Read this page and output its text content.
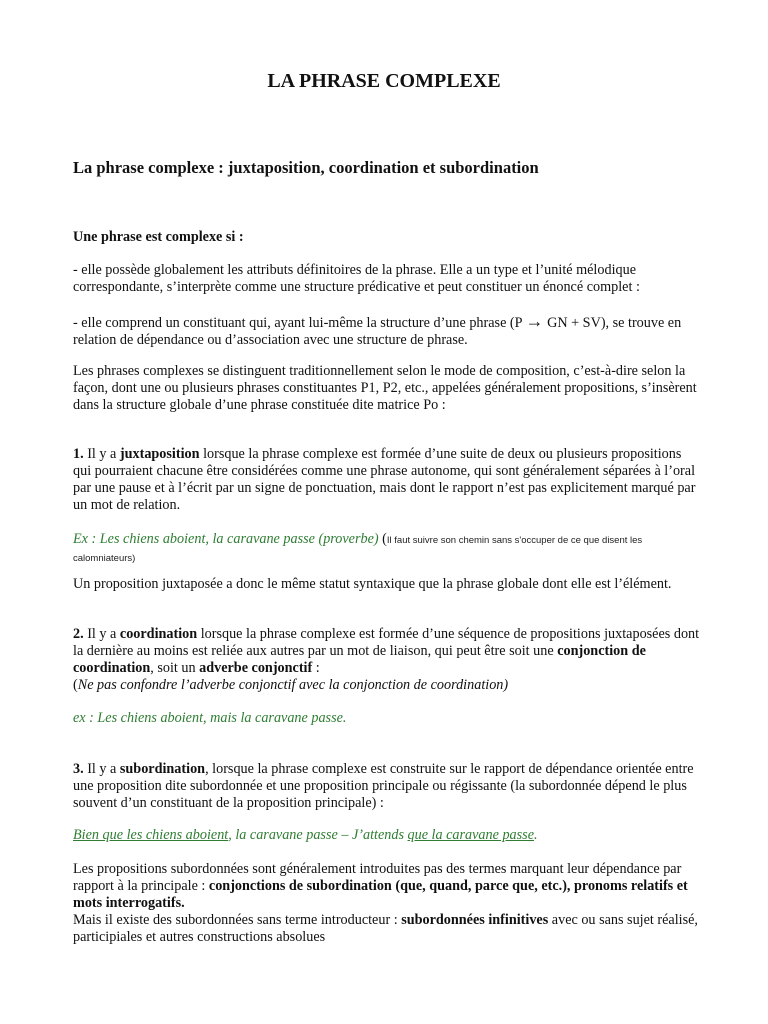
LA PHRASE COMPLEXE

La phrase complexe : juxtaposition, coordination et subordination

Une phrase est complexe si :

- elle possède globalement les attributs définitoires de la phrase. Elle a un type et l’unité mélodique correspondante, s’interprète comme une structure prédicative et peut constituer un énoncé complet :

- elle comprend un constituant qui, ayant lui-même la structure d’une phrase (P → GN + SV), se trouve en relation de dépendance ou d’association avec une structure de phrase.

Les phrases complexes se distinguent traditionnellement selon le mode de composition, c’est-à-dire selon la façon, dont une ou plusieurs phrases constituantes P1, P2, etc., appelées généralement propositions, s’insèrent dans la structure globale d’une phrase constituée dite matrice Po :

1. Il y a juxtaposition lorsque la phrase complexe est formée d’une suite de deux ou plusieurs propositions qui pourraient chacune être considérées comme une phrase autonome, qui sont généralement séparées à l’oral par une pause et à l’écrit par un signe de ponctuation, mais dont le rapport n’est pas explicitement marqué par un mot de relation.

Ex : Les chiens aboient, la caravane passe (proverbe) (Il faut suivre son chemin sans s'occuper de ce que disent les calomniateurs)

Un proposition juxtaposée a donc le même statut syntaxique que la phrase globale dont elle est l’élément.

2. Il y a coordination lorsque la phrase complexe est formée d’une séquence de propositions juxtaposées dont la dernière au moins est reliée aux autres par un mot de liaison, qui peut être soit une conjonction de coordination, soit un adverbe conjonctif :
(Ne pas confondre l’adverbe conjonctif avec la conjonction de coordination)

ex : Les chiens aboient, mais la caravane passe.

3. Il y a subordination, lorsque la phrase complexe est construite sur le rapport de dépendance orientée entre une proposition dite subordonnée et une proposition principale ou régissante (la subordonnée dépend le plus souvent d’un constituant de la proposition principale) :

Bien que les chiens aboient, la caravane passe – J’attends que la caravane passe.

Les propositions subordonnées sont généralement introduites pas des termes marquant leur dépendance par rapport à la principale : conjonctions de subordination (que, quand, parce que, etc.), pronoms relatifs et mots interrogatifs.
Mais il existe des subordonnées sans terme introducteur : subordonnées infinitives avec ou sans sujet réalisé, participiales et autres constructions absolues
